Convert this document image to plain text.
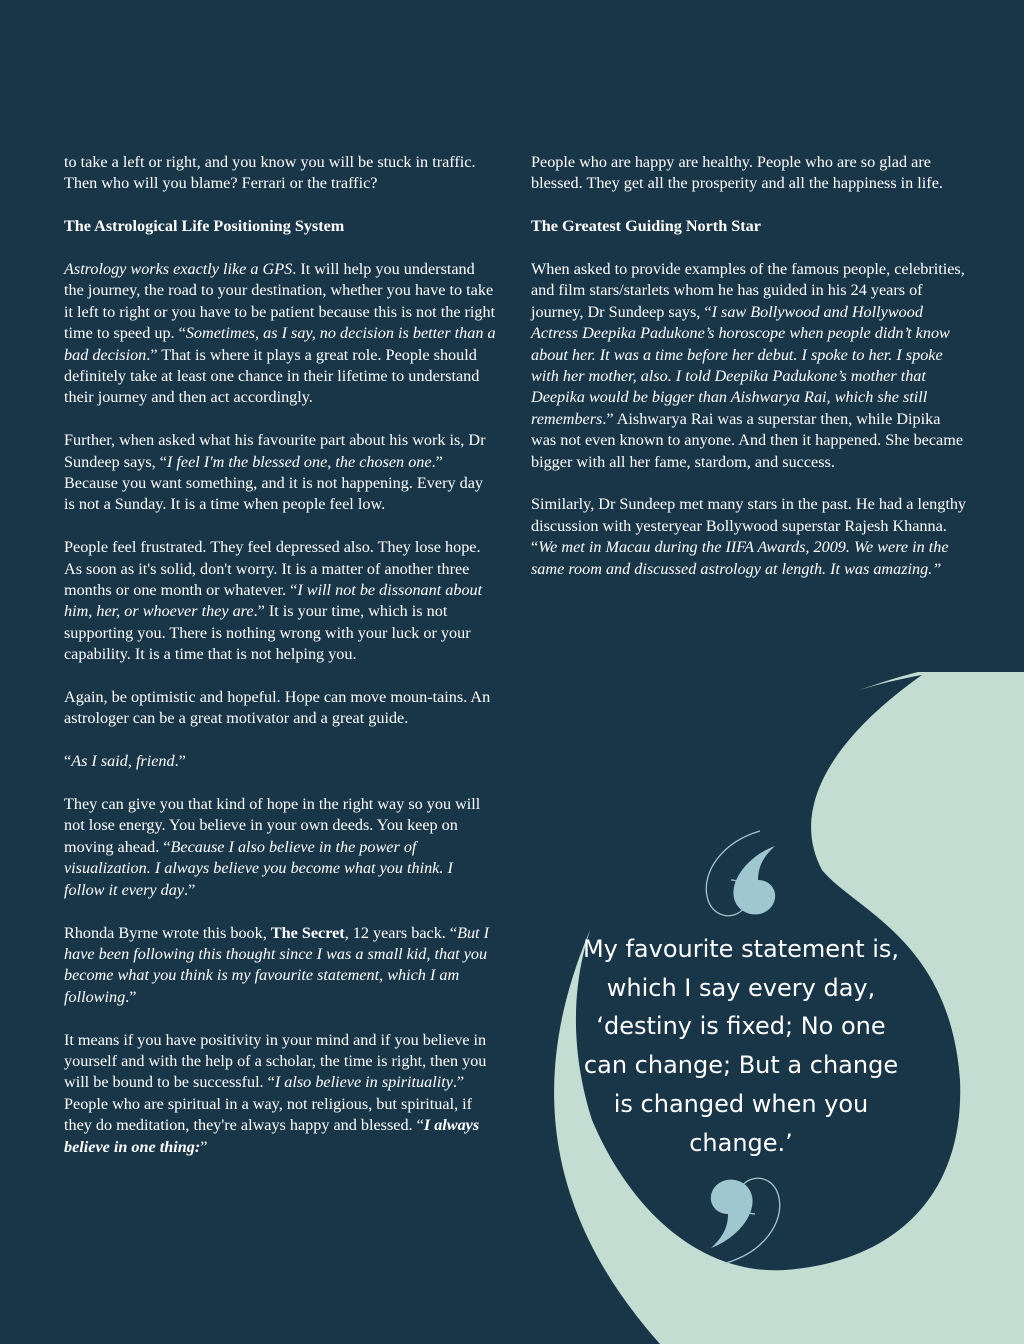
to take a left or right, and you know you will be stuck in traffic. Then who will you blame? Ferrari or the traffic?

The Astrological Life Positioning System

Astrology works exactly like a GPS. It will help you understand the journey, the road to your destination, whether you have to take it left to right or you have to be patient because this is not the right time to speed up. “Sometimes, as I say, no decision is better than a bad decision.” That is where it plays a great role. People should definitely take at least one chance in their lifetime to understand their journey and then act accordingly.

Further, when asked what his favourite part about his work is, Dr Sundeep says, “I feel I'm the blessed one, the chosen one.” Because you want something, and it is not happening. Every day is not a Sunday. It is a time when people feel low.

People feel frustrated. They feel depressed also. They lose hope. As soon as it's solid, don't worry. It is a matter of another three months or one month or whatever. “I will not be dissonant about him, her, or whoever they are.” It is your time, which is not supporting you. There is nothing wrong with your luck or your capability. It is a time that is not helping you.

Again, be optimistic and hopeful. Hope can move moun-tains. An astrologer can be a great motivator and a great guide.

“As I said, friend.”

They can give you that kind of hope in the right way so you will not lose energy. You believe in your own deeds. You keep on moving ahead. “Because I also believe in the power of visualization. I always believe you become what you think. I follow it every day.”

Rhonda Byrne wrote this book, The Secret, 12 years back. “But I have been following this thought since I was a small kid, that you become what you think is my favourite statement, which I am following.”

It means if you have positivity in your mind and if you believe in yourself and with the help of a scholar, the time is right, then you will be bound to be successful. “I also believe in spirituality.” People who are spiritual in a way, not religious, but spiritual, if they do meditation, they're always happy and blessed. “I always believe in one thing:”

People who are happy are healthy. People who are so glad are blessed. They get all the prosperity and all the happiness in life.

The Greatest Guiding North Star

When asked to provide examples of the famous people, celebrities, and film stars/starlets whom he has guided in his 24 years of journey, Dr Sundeep says, “I saw Bollywood and Hollywood Actress Deepika Padukone’s horoscope when people didn’t know about her. It was a time before her debut. I spoke to her. I spoke with her mother, also. I told Deepika Padukone’s mother that Deepika would be bigger than Aishwarya Rai, which she still remembers.” Aishwarya Rai was a superstar then, while Dipika was not even known to anyone. And then it happened. She became bigger with all her fame, stardom, and success.

Similarly, Dr Sundeep met many stars in the past. He had a lengthy discussion with yesteryear Bollywood superstar Rajesh Khanna. “We met in Macau during the IIFA Awards, 2009. We were in the same room and discussed astrology at length. It was amazing.”

My favourite statement is, which I say every day, ‘destiny is fixed; No one can change; But a change is changed when you change.’
